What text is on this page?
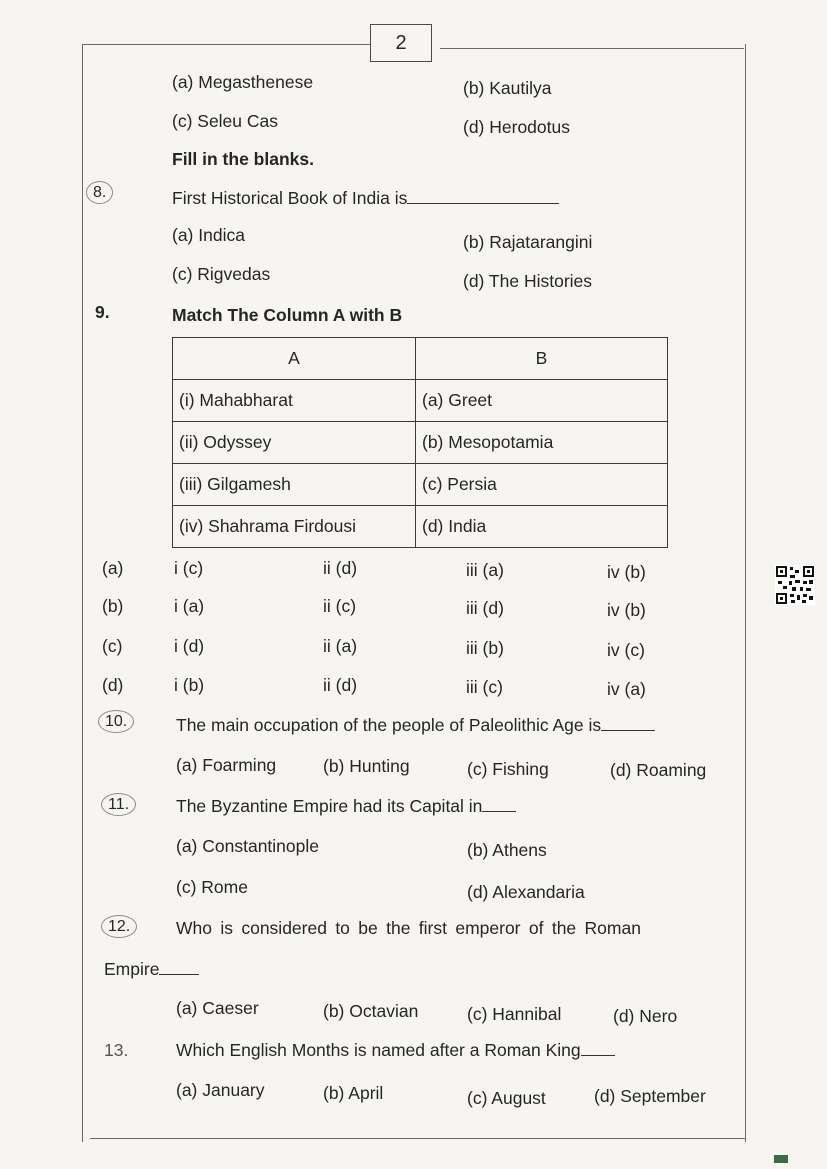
2
(a) Megasthenese	(b) Kautilya
(c) Seleu Cas	(d) Herodotus
Fill in the blanks.
8.	First Historical Book of India is
(a) Indica	(b) Rajatarangini
(c) Rigvedas	(d) The Histories
9.	Match The Column A with B
A	B
(i) Mahabharat	(a) Greet
(ii) Odyssey	(b) Mesopotamia
(iii) Gilgamesh	(c) Persia
(iv) Shahrama Firdousi	(d) India
(a)	i (c)	ii (d)	iii (a)	iv (b)
(b)	i (a)	ii (c)	iii (d)	iv (b)
(c)	i (d)	ii (a)	iii (b)	iv (c)
(d)	i (b)	ii (d)	iii (c)	iv (a)
10.	The main occupation of the people of Paleolithic Age is
(a) Foarming	(b) Hunting	(c) Fishing	(d) Roaming
11.	The Byzantine Empire had its Capital in
(a) Constantinople	(b) Athens
(c) Rome	(d) Alexandaria
12.	Who is considered to be the first emperor of the Roman
Empire
(a) Caeser	(b) Octavian	(c) Hannibal	(d) Nero
13.	Which English Months is named after a Roman King
(a) January	(b) April	(c) August	(d) September
